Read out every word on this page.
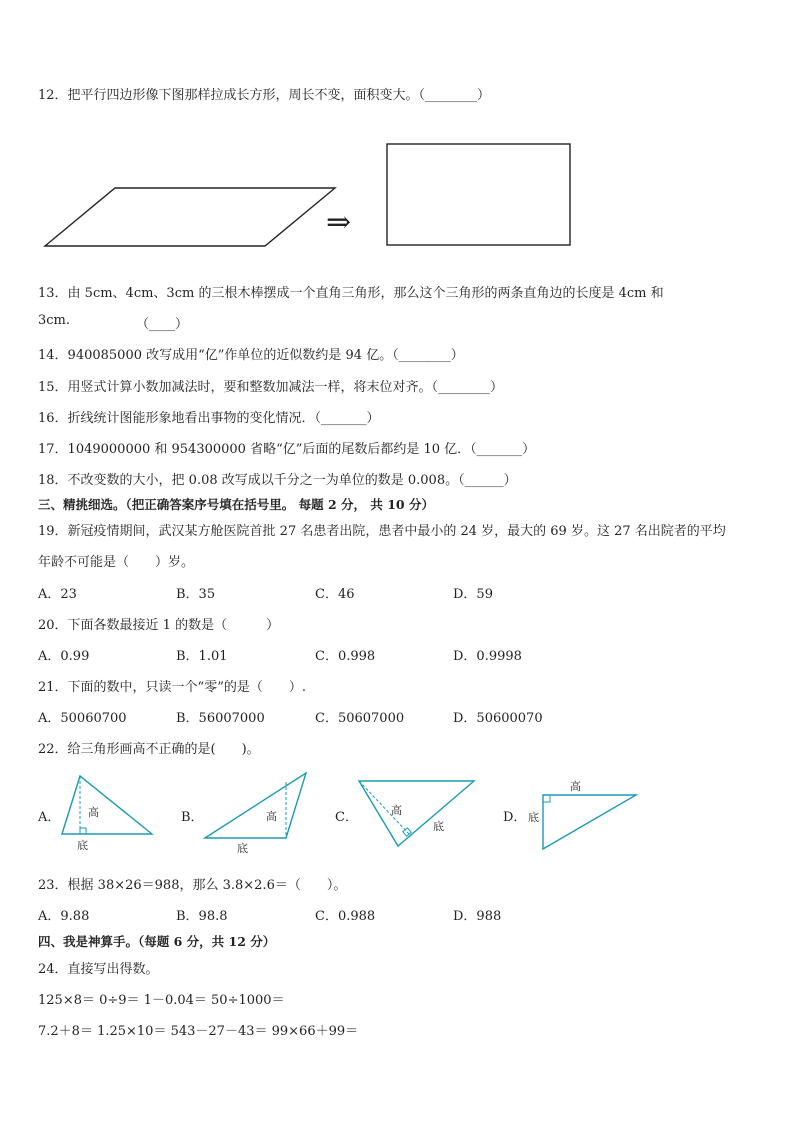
12．把平行四边形像下图那样拉成长方形，周长不变，面积变大。（________）
⇒
13．由 5cm、4cm、3cm 的三根木棒摆成一个直角三角形，那么这个三角形的两条直角边的长度是 4cm 和
3cm.	（____）
14．940085000 改写成用“亿”作单位的近似数约是 94 亿。（________）
15．用竖式计算小数加减法时，要和整数加减法一样，将末位对齐。（________）
16．折线统计图能形象地看出事物的变化情况．（_______）
17．1049000000 和 954300000 省略“亿”后面的尾数后都约是 10 亿．（_______）
18．不改变数的大小，把 0.08 改写成以千分之一为单位的数是 0.008。（______）
三、精挑细选。（把正确答案序号填在括号里。 每题 2 分， 共 10 分）
19．新冠疫情期间，武汉某方舱医院首批 27 名患者出院，患者中最小的 24 岁，最大的 69 岁。这 27 名出院者的平均
年龄不可能是（　　）岁。
A．23	B．35	C．46	D．59
20．下面各数最接近 1 的数是（　　　）
A．0.99	B．1.01	C．0.998	D．0.9998
21．下面的数中，只读一个“零”的是（　　）.
A．50060700	B．56007000	C．50607000	D．50600070
22．给三角形画高不正确的是(　　)。
A．	高
底
B．	高
底
C．	高
底
D．
高
底
23．根据 38×26＝988，那么 3.8×2.6＝（　　）。
A．9.88	B．98.8	C．0.988	D．988
四、我是神算手。（每题 6 分，共 12 分）
24．直接写出得数。
125×8＝ 0÷9＝ 1－0.04＝ 50÷1000＝
7.2＋8＝ 1.25×10＝ 543－27－43＝ 99×66＋99＝
